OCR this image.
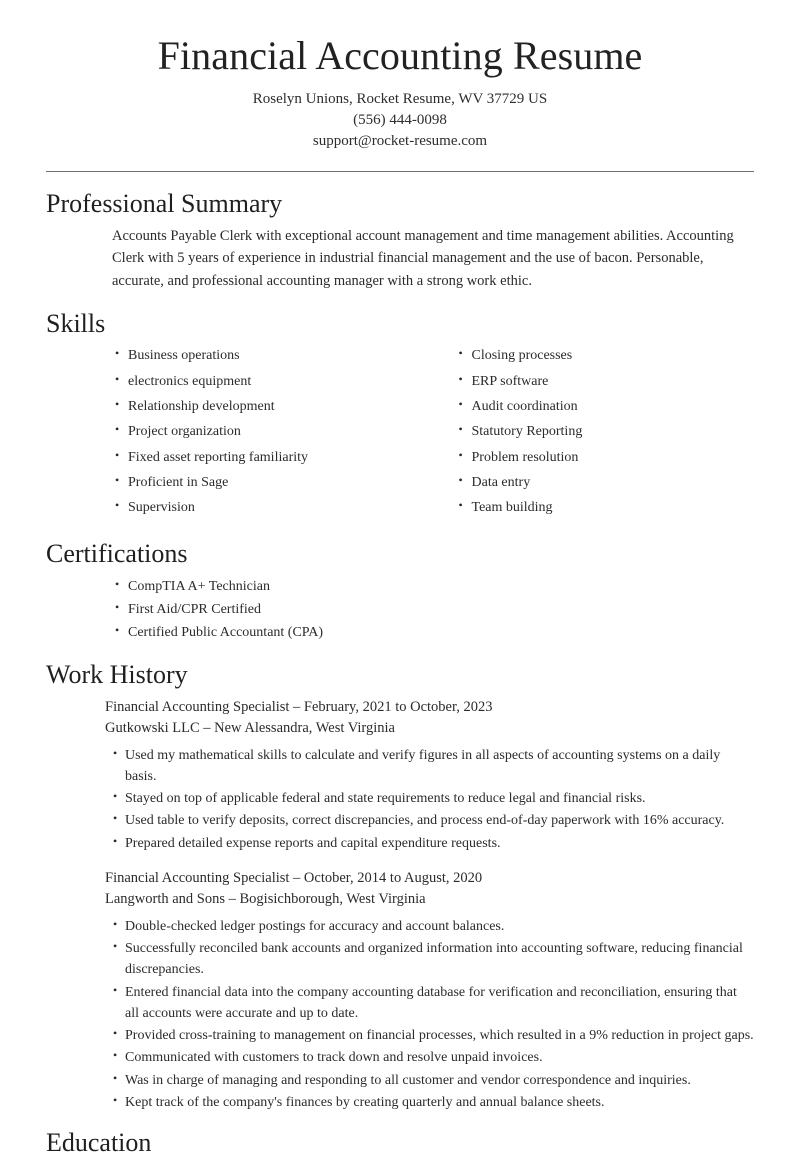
Financial Accounting Resume

Roselyn Unions, Rocket Resume, WV 37729 US

(556) 444-0098

support@rocket-resume.com

Professional Summary

Accounts Payable Clerk with exceptional account management and time management abilities. Accounting Clerk with 5 years of experience in industrial financial management and the use of bacon. Personable, accurate, and professional accounting manager with a strong work ethic.

Skills
• Business operations
• electronics equipment
• Relationship development
• Project organization
• Fixed asset reporting familiarity
• Proficient in Sage
• Supervision
• Closing processes
• ERP software
• Audit coordination
• Statutory Reporting
• Problem resolution
• Data entry
• Team building
Certifications
• CompTIA A+ Technician
• First Aid/CPR Certified
• Certified Public Accountant (CPA)
Work History
Financial Accounting Specialist – February, 2021 to October, 2023
Gutkowski LLC – New Alessandra, West Virginia
• Used my mathematical skills to calculate and verify figures in all aspects of accounting systems on a daily basis.
• Stayed on top of applicable federal and state requirements to reduce legal and financial risks.
• Used table to verify deposits, correct discrepancies, and process end-of-day paperwork with 16% accuracy.
• Prepared detailed expense reports and capital expenditure requests.
Financial Accounting Specialist – October, 2014 to August, 2020
Langworth and Sons – Bogisichborough, West Virginia
• Double-checked ledger postings for accuracy and account balances.
• Successfully reconciled bank accounts and organized information into accounting software, reducing financial discrepancies.
• Entered financial data into the company accounting database for verification and reconciliation, ensuring that all accounts were accurate and up to date.
• Provided cross-training to management on financial processes, which resulted in a 9% reduction in project gaps.
• Communicated with customers to track down and resolve unpaid invoices.
• Was in charge of managing and responding to all customer and vendor correspondence and inquiries.
• Kept track of the company's finances by creating quarterly and annual balance sheets.
Education
